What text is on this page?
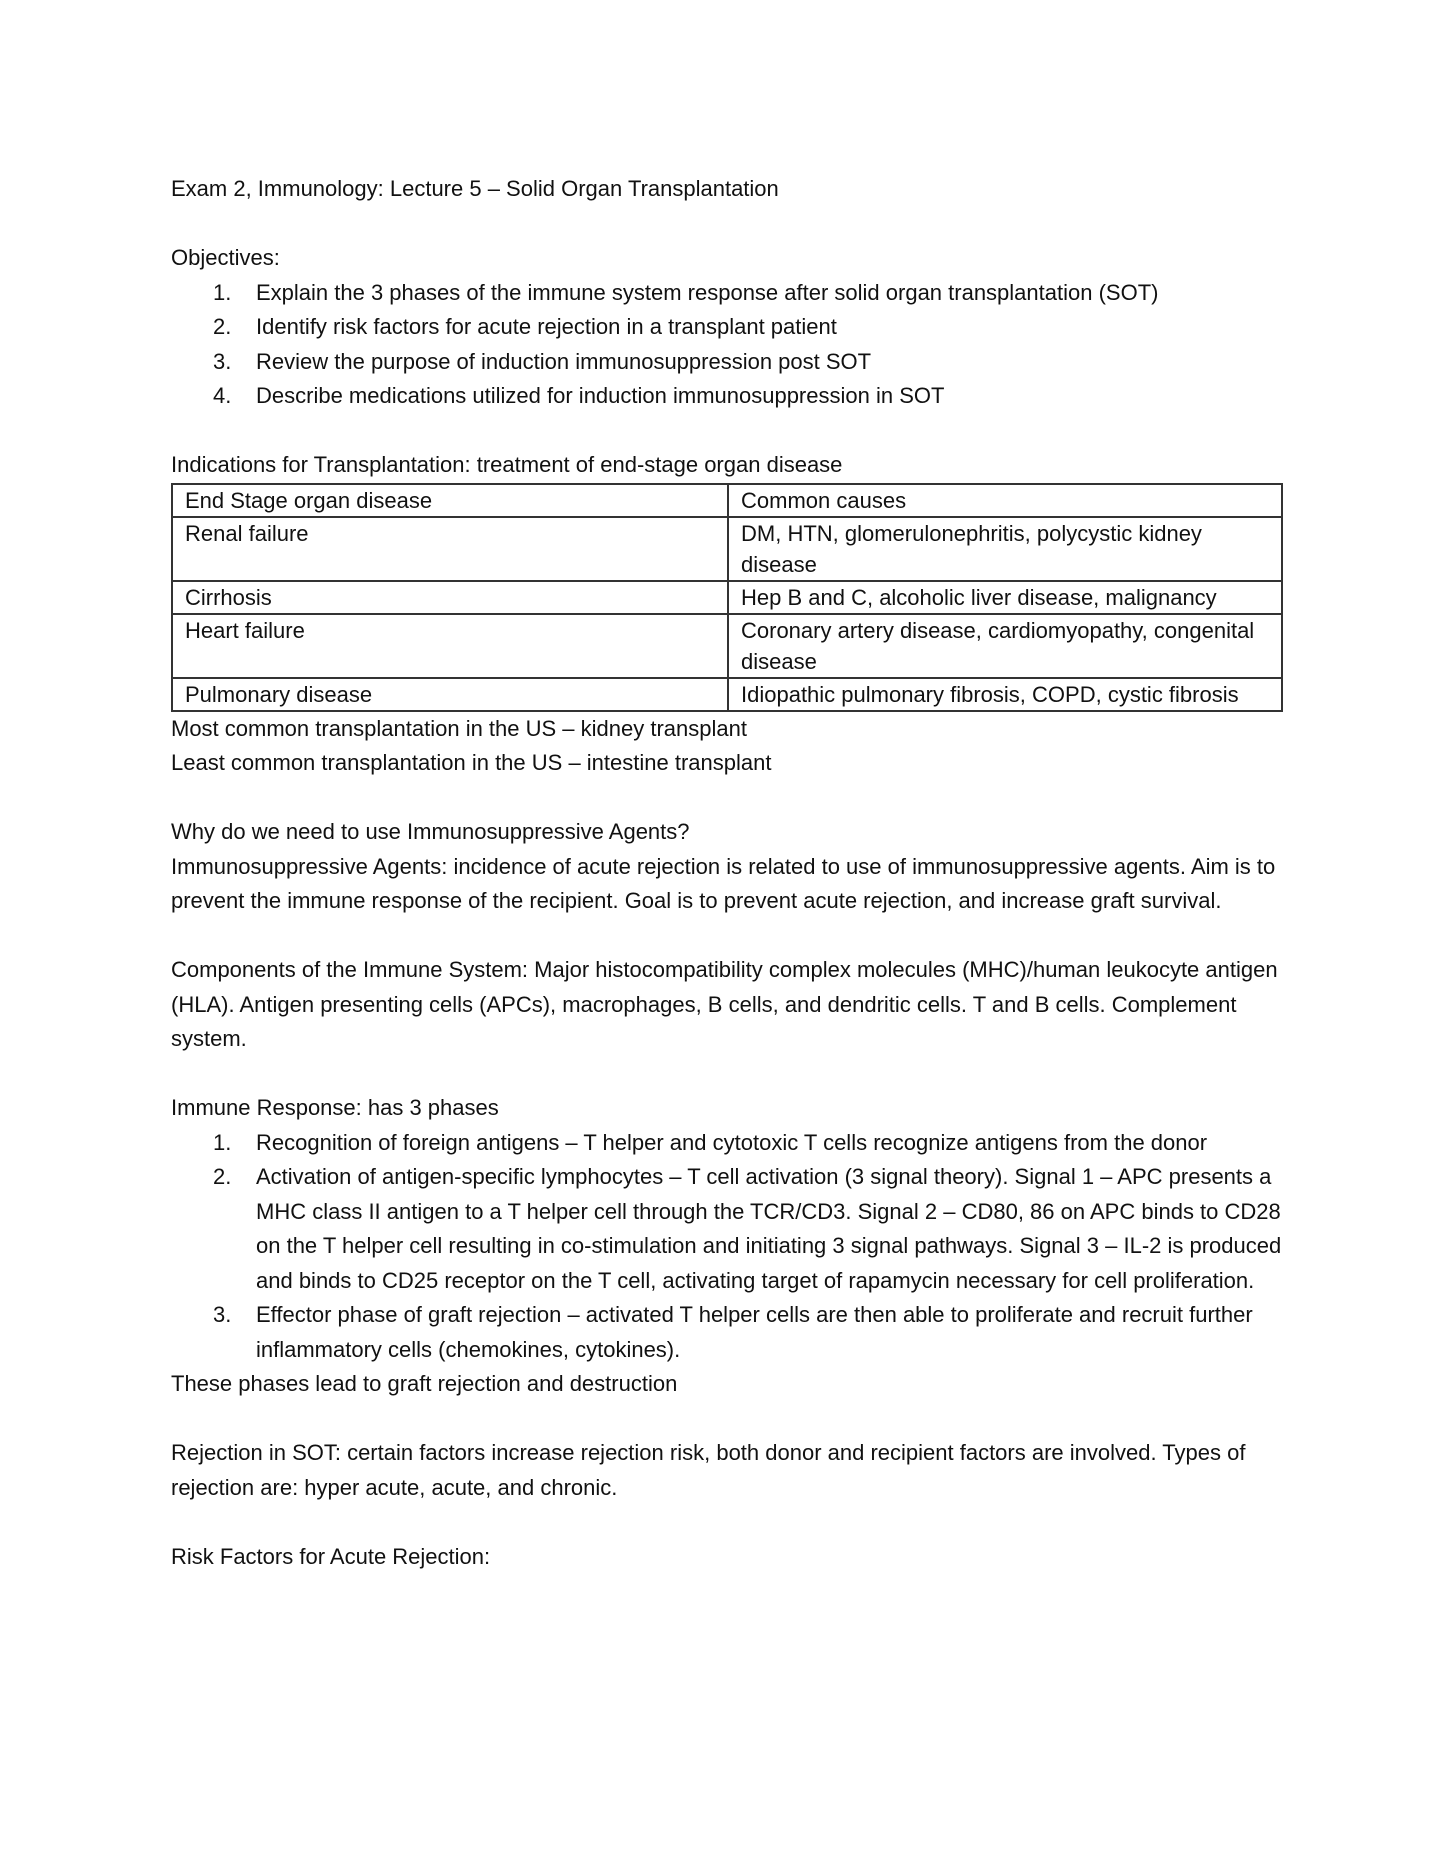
Exam 2, Immunology: Lecture 5 – Solid Organ Transplantation

Objectives:

1. Explain the 3 phases of the immune system response after solid organ transplantation (SOT)
2. Identify risk factors for acute rejection in a transplant patient
3. Review the purpose of induction immunosuppression post SOT
4. Describe medications utilized for induction immunosuppression in SOT

Indications for Transplantation: treatment of end-stage organ disease

End Stage organ disease	Common causes
Renal failure	DM, HTN, glomerulonephritis, polycystic kidney disease
Cirrhosis	Hep B and C, alcoholic liver disease, malignancy
Heart failure	Coronary artery disease, cardiomyopathy, congenital disease
Pulmonary disease	Idiopathic pulmonary fibrosis, COPD, cystic fibrosis

Most common transplantation in the US – kidney transplant

Least common transplantation in the US – intestine transplant

Why do we need to use Immunosuppressive Agents?

Immunosuppressive Agents: incidence of acute rejection is related to use of immunosuppressive agents. Aim is to prevent the immune response of the recipient. Goal is to prevent acute rejection, and increase graft survival.

Components of the Immune System: Major histocompatibility complex molecules (MHC)/human leukocyte antigen (HLA). Antigen presenting cells (APCs), macrophages, B cells, and dendritic cells. T and B cells. Complement system.

Immune Response: has 3 phases

1. Recognition of foreign antigens – T helper and cytotoxic T cells recognize antigens from the donor
2. Activation of antigen-specific lymphocytes – T cell activation (3 signal theory). Signal 1 – APC presents a MHC class II antigen to a T helper cell through the TCR/CD3. Signal 2 – CD80, 86 on APC binds to CD28 on the T helper cell resulting in co-stimulation and initiating 3 signal pathways. Signal 3 – IL-2 is produced and binds to CD25 receptor on the T cell, activating target of rapamycin necessary for cell proliferation.
3. Effector phase of graft rejection – activated T helper cells are then able to proliferate and recruit further inflammatory cells (chemokines, cytokines).

These phases lead to graft rejection and destruction

Rejection in SOT: certain factors increase rejection risk, both donor and recipient factors are involved. Types of rejection are: hyper acute, acute, and chronic.

Risk Factors for Acute Rejection:
